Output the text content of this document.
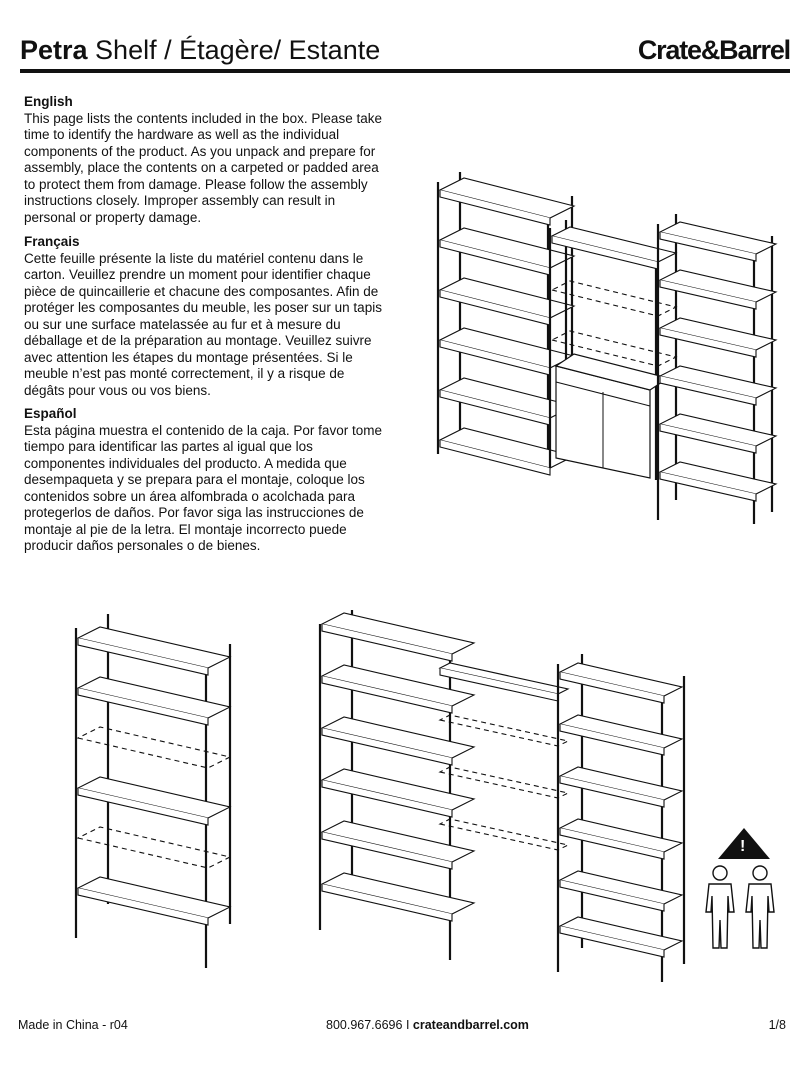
Petra Shelf / Étagère/ Estante	Crate&Barrel
English

This page lists the contents included in the box. Please take time to identify the hardware as well as the individual components of the product. As you unpack and prepare for assembly, place the contents on a carpeted or padded area to protect them from damage. Please follow the assembly instructions closely. Improper assembly can result in personal or property damage.

Français

Cette feuille présente la liste du matériel contenu dans le carton. Veuillez prendre un moment pour identifier chaque pièce de quincaillerie et chacune des composantes. Afin de protéger les composantes du meuble, les poser sur un tapis ou sur une surface matelassée au fur et à mesure du déballage et de la préparation au montage. Veuillez suivre avec attention les étapes du montage présentées. Si le meuble n’est pas monté correctement, il y a risque de dégâts pour vous ou vos biens.

Español

Esta página muestra el contenido de la caja. Por favor tome tiempo para identificar las partes al igual que los componentes individuales del producto. A medida que desempaqueta y se prepara para el montaje, coloque los contenidos sobre un área alfombrada o acolchada para protegerlos de daños. Por favor siga las instrucciones de montaje al pie de la letra. El montaje incorrecto puede producir daños personales o de bienes.

!
Made in China - r04	800.967.6696 I crateandbarrel.com	1/8
